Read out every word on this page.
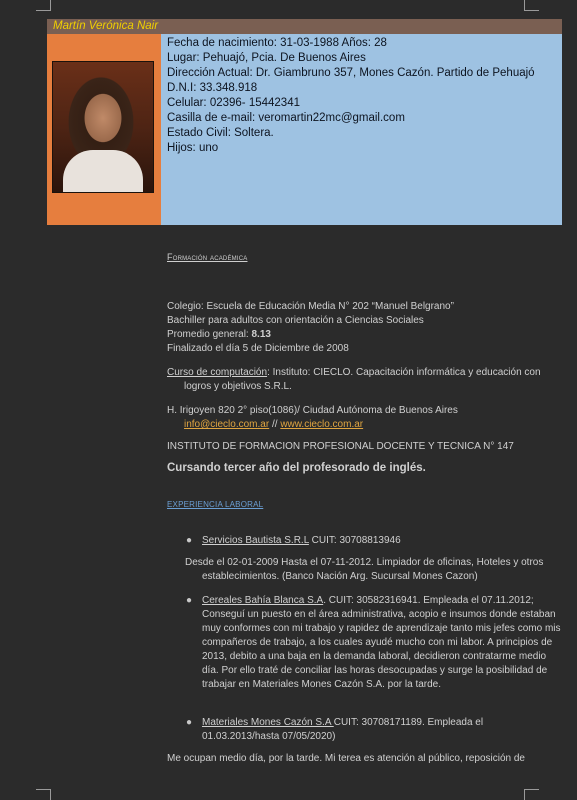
Martín Verónica Nair
Fecha de nacimiento: 31-03-1988 Años: 28
Lugar: Pehuajó, Pcia. De Buenos Aires
Dirección Actual: Dr. Giambruno 357, Mones Cazón. Partido de Pehuajó
D.N.I: 33.348.918
Celular: 02396- 15442341
Casilla de e-mail: veromartin22mc@gmail.com
Estado Civil: Soltera.
Hijos: uno
Formación académica

Colegio: Escuela de Educación Media N° 202 “Manuel Belgrano”

Bachiller para adultos con orientación a Ciencias Sociales

Promedio general: 8.13

Finalizado el día 5 de Diciembre de 2008

Curso de computación: Instituto: CIECLO. Capacitación informática y educación con logros y objetivos S.R.L.

H. Irigoyen 820 2° piso(1086)/ Ciudad Autónoma de Buenos Aires

info@cieclo.com.ar // www.cieclo.com.ar

INSTITUTO DE FORMACION PROFESIONAL DOCENTE Y TECNICA N° 147

Cursando tercer año del profesorado de inglés.

EXPERIENCIA LABORAL

● Servicios Bautista S.R.L CUIT: 30708813946

Desde el 02-01-2009 Hasta el 07-11-2012. Limpiador de oficinas, Hoteles y otros establecimientos. (Banco Nación Arg. Sucursal Mones Cazon)

● Cereales Bahía Blanca S.A. CUIT: 30582316941. Empleada el 07.11.2012; Conseguí un puesto en el área administrativa, acopio e insumos donde estaban muy conformes con mi trabajo y rapidez de aprendizaje tanto mis jefes como mis compañeros de trabajo, a los cuales ayudé mucho con mi labor. A principios de 2013, debito a una baja en la demanda laboral, decidieron contratarme medio día. Por ello traté de conciliar las horas desocupadas y surge la posibilidad de trabajar en Materiales Mones Cazón S.A. por la tarde.

● Materiales Mones Cazón S.A CUIT: 30708171189. Empleada el 01.03.2013/hasta 07/05/2020)

Me ocupan medio día, por la tarde. Mi terea es atención al público, reposición de
